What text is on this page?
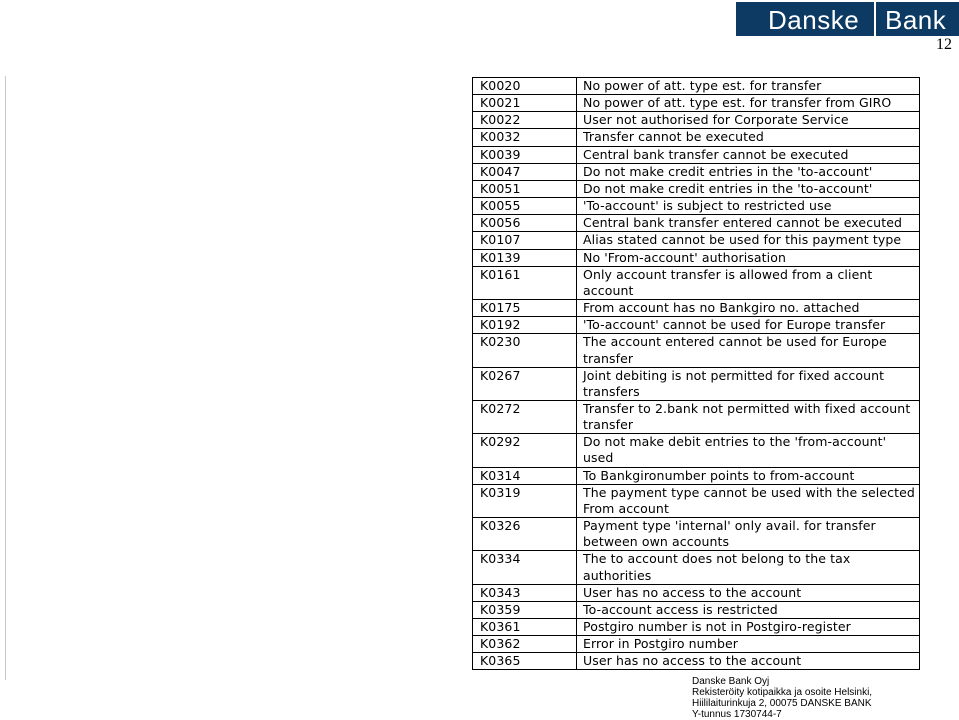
Danske Bank
12
K0020	No power of att. type est. for transfer
K0021	No power of att. type est. for transfer from GIRO
K0022	User not authorised for Corporate Service
K0032	Transfer cannot be executed
K0039	Central bank transfer cannot be executed
K0047	Do not make credit entries in the 'to-account'
K0051	Do not make credit entries in the 'to-account'
K0055	'To-account' is subject to restricted use
K0056	Central bank transfer entered cannot be executed
K0107	Alias stated cannot be used for this payment type
K0139	No 'From-account' authorisation
K0161	Only account transfer is allowed from a client account
K0175	From account has no Bankgiro no. attached
K0192	'To-account' cannot be used for Europe transfer
K0230	The account entered cannot be used for Europe transfer
K0267	Joint debiting is not permitted for fixed account transfers
K0272	Transfer to 2.bank not permitted with fixed account transfer
K0292	Do not make debit entries to the 'from-account' used
K0314	To Bankgironumber points to from-account
K0319	The payment type cannot be used with the selected From account
K0326	Payment type 'internal' only avail. for transfer between own accounts
K0334	The to account does not belong to the tax authorities
K0343	User has no access to the account
K0359	To-account access is restricted
K0361	Postgiro number is not in Postgiro-register
K0362	Error in Postgiro number
K0365	User has no access to the account
Danske Bank Oyj
Rekisteröity kotipaikka ja osoite Helsinki,
Hiililaiturinkuja 2, 00075 DANSKE BANK
Y-tunnus 1730744-7
